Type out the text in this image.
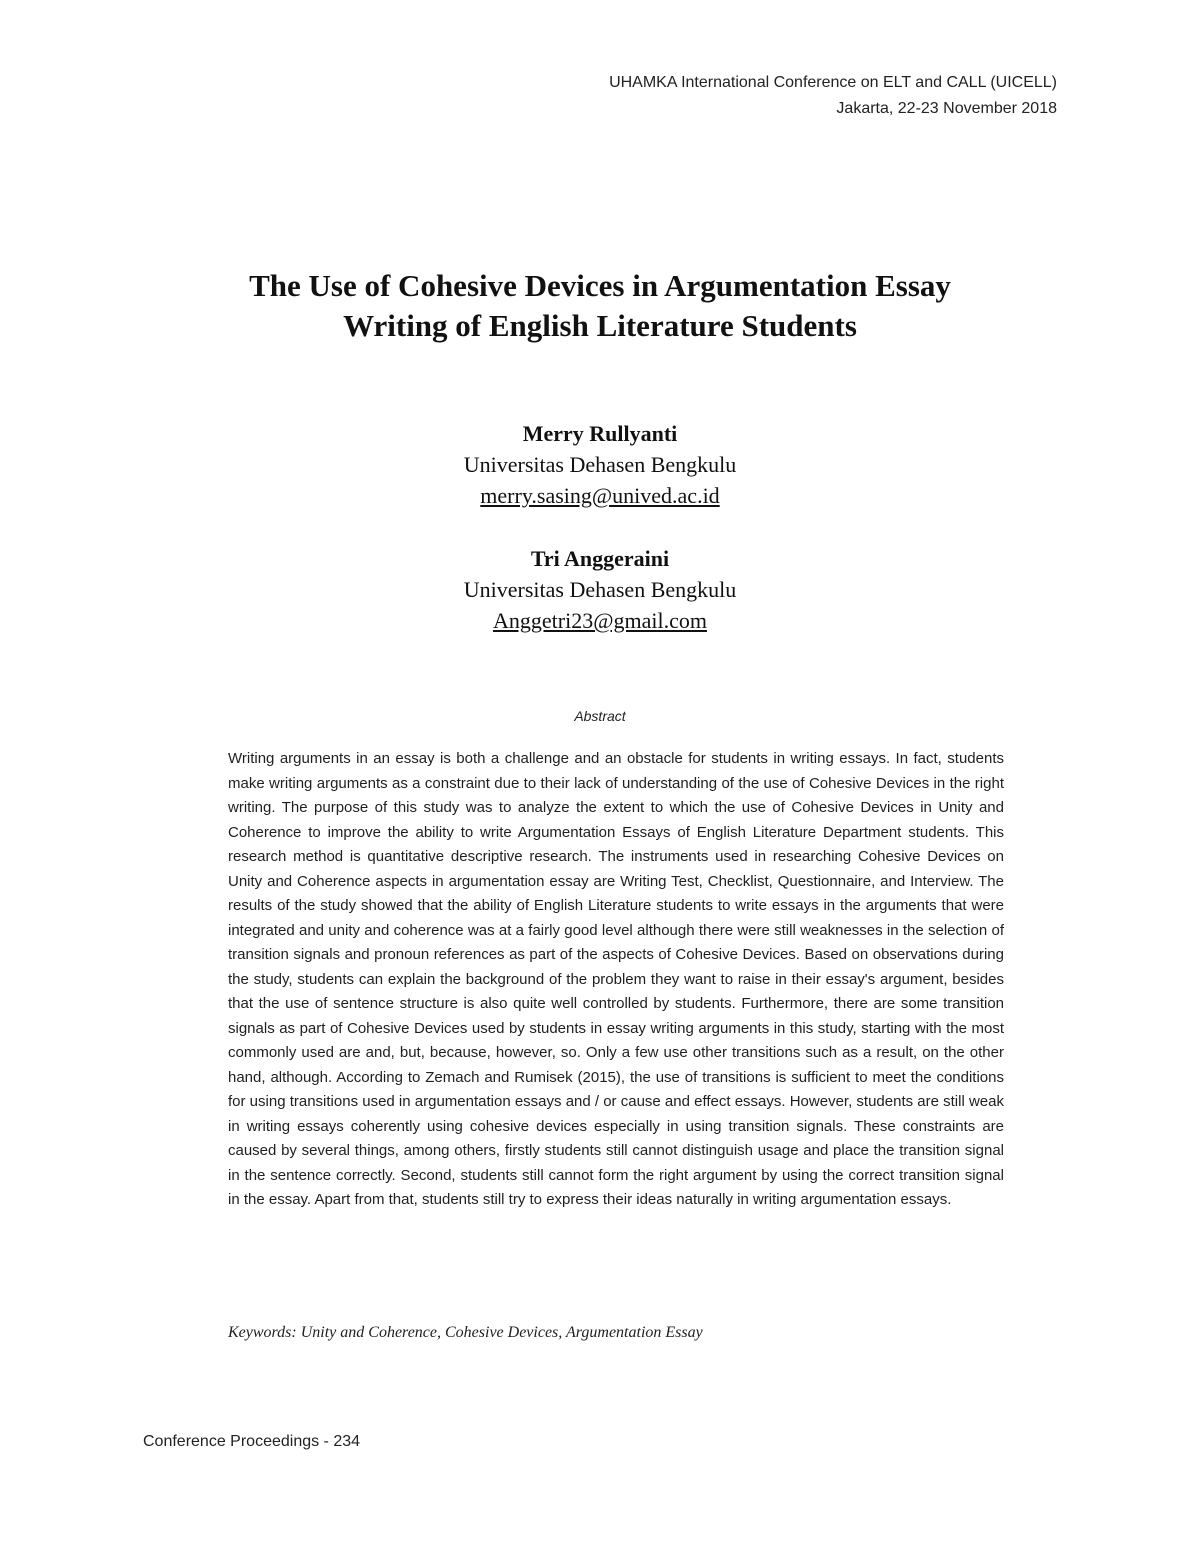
UHAMKA International Conference on ELT and CALL (UICELL)
Jakarta, 22-23 November 2018
The Use of Cohesive Devices in Argumentation Essay
Writing of English Literature Students
Merry Rullyanti
Universitas Dehasen Bengkulu
merry.sasing@unived.ac.id
Tri Anggeraini
Universitas Dehasen Bengkulu
Anggetri23@gmail.com
Abstract

Writing arguments in an essay is both a challenge and an obstacle for students in writing essays. In fact, students make writing arguments as a constraint due to their lack of understanding of the use of Cohesive Devices in the right writing. The purpose of this study was to analyze the extent to which the use of Cohesive Devices in Unity and Coherence to improve the ability to write Argumentation Essays of English Literature Department students. This research method is quantitative descriptive research. The instruments used in researching Cohesive Devices on Unity and Coherence aspects in argumentation essay are Writing Test, Checklist, Questionnaire, and Interview. The results of the study showed that the ability of English Literature students to write essays in the arguments that were integrated and unity and coherence was at a fairly good level although there were still weaknesses in the selection of transition signals and pronoun references as part of the aspects of Cohesive Devices. Based on observations during the study, students can explain the background of the problem they want to raise in their essay's argument, besides that the use of sentence structure is also quite well controlled by students. Furthermore, there are some transition signals as part of Cohesive Devices used by students in essay writing arguments in this study, starting with the most commonly used are and, but, because, however, so. Only a few use other transitions such as a result, on the other hand, although. According to Zemach and Rumisek (2015), the use of transitions is sufficient to meet the conditions for using transitions used in argumentation essays and / or cause and effect essays. However, students are still weak in writing essays coherently using cohesive devices especially in using transition signals. These constraints are caused by several things, among others, firstly students still cannot distinguish usage and place the transition signal in the sentence correctly. Second, students still cannot form the right argument by using the correct transition signal in the essay. Apart from that, students still try to express their ideas naturally in writing argumentation essays.

Keywords: Unity and Coherence, Cohesive Devices, Argumentation Essay
Conference Proceedings - 234
